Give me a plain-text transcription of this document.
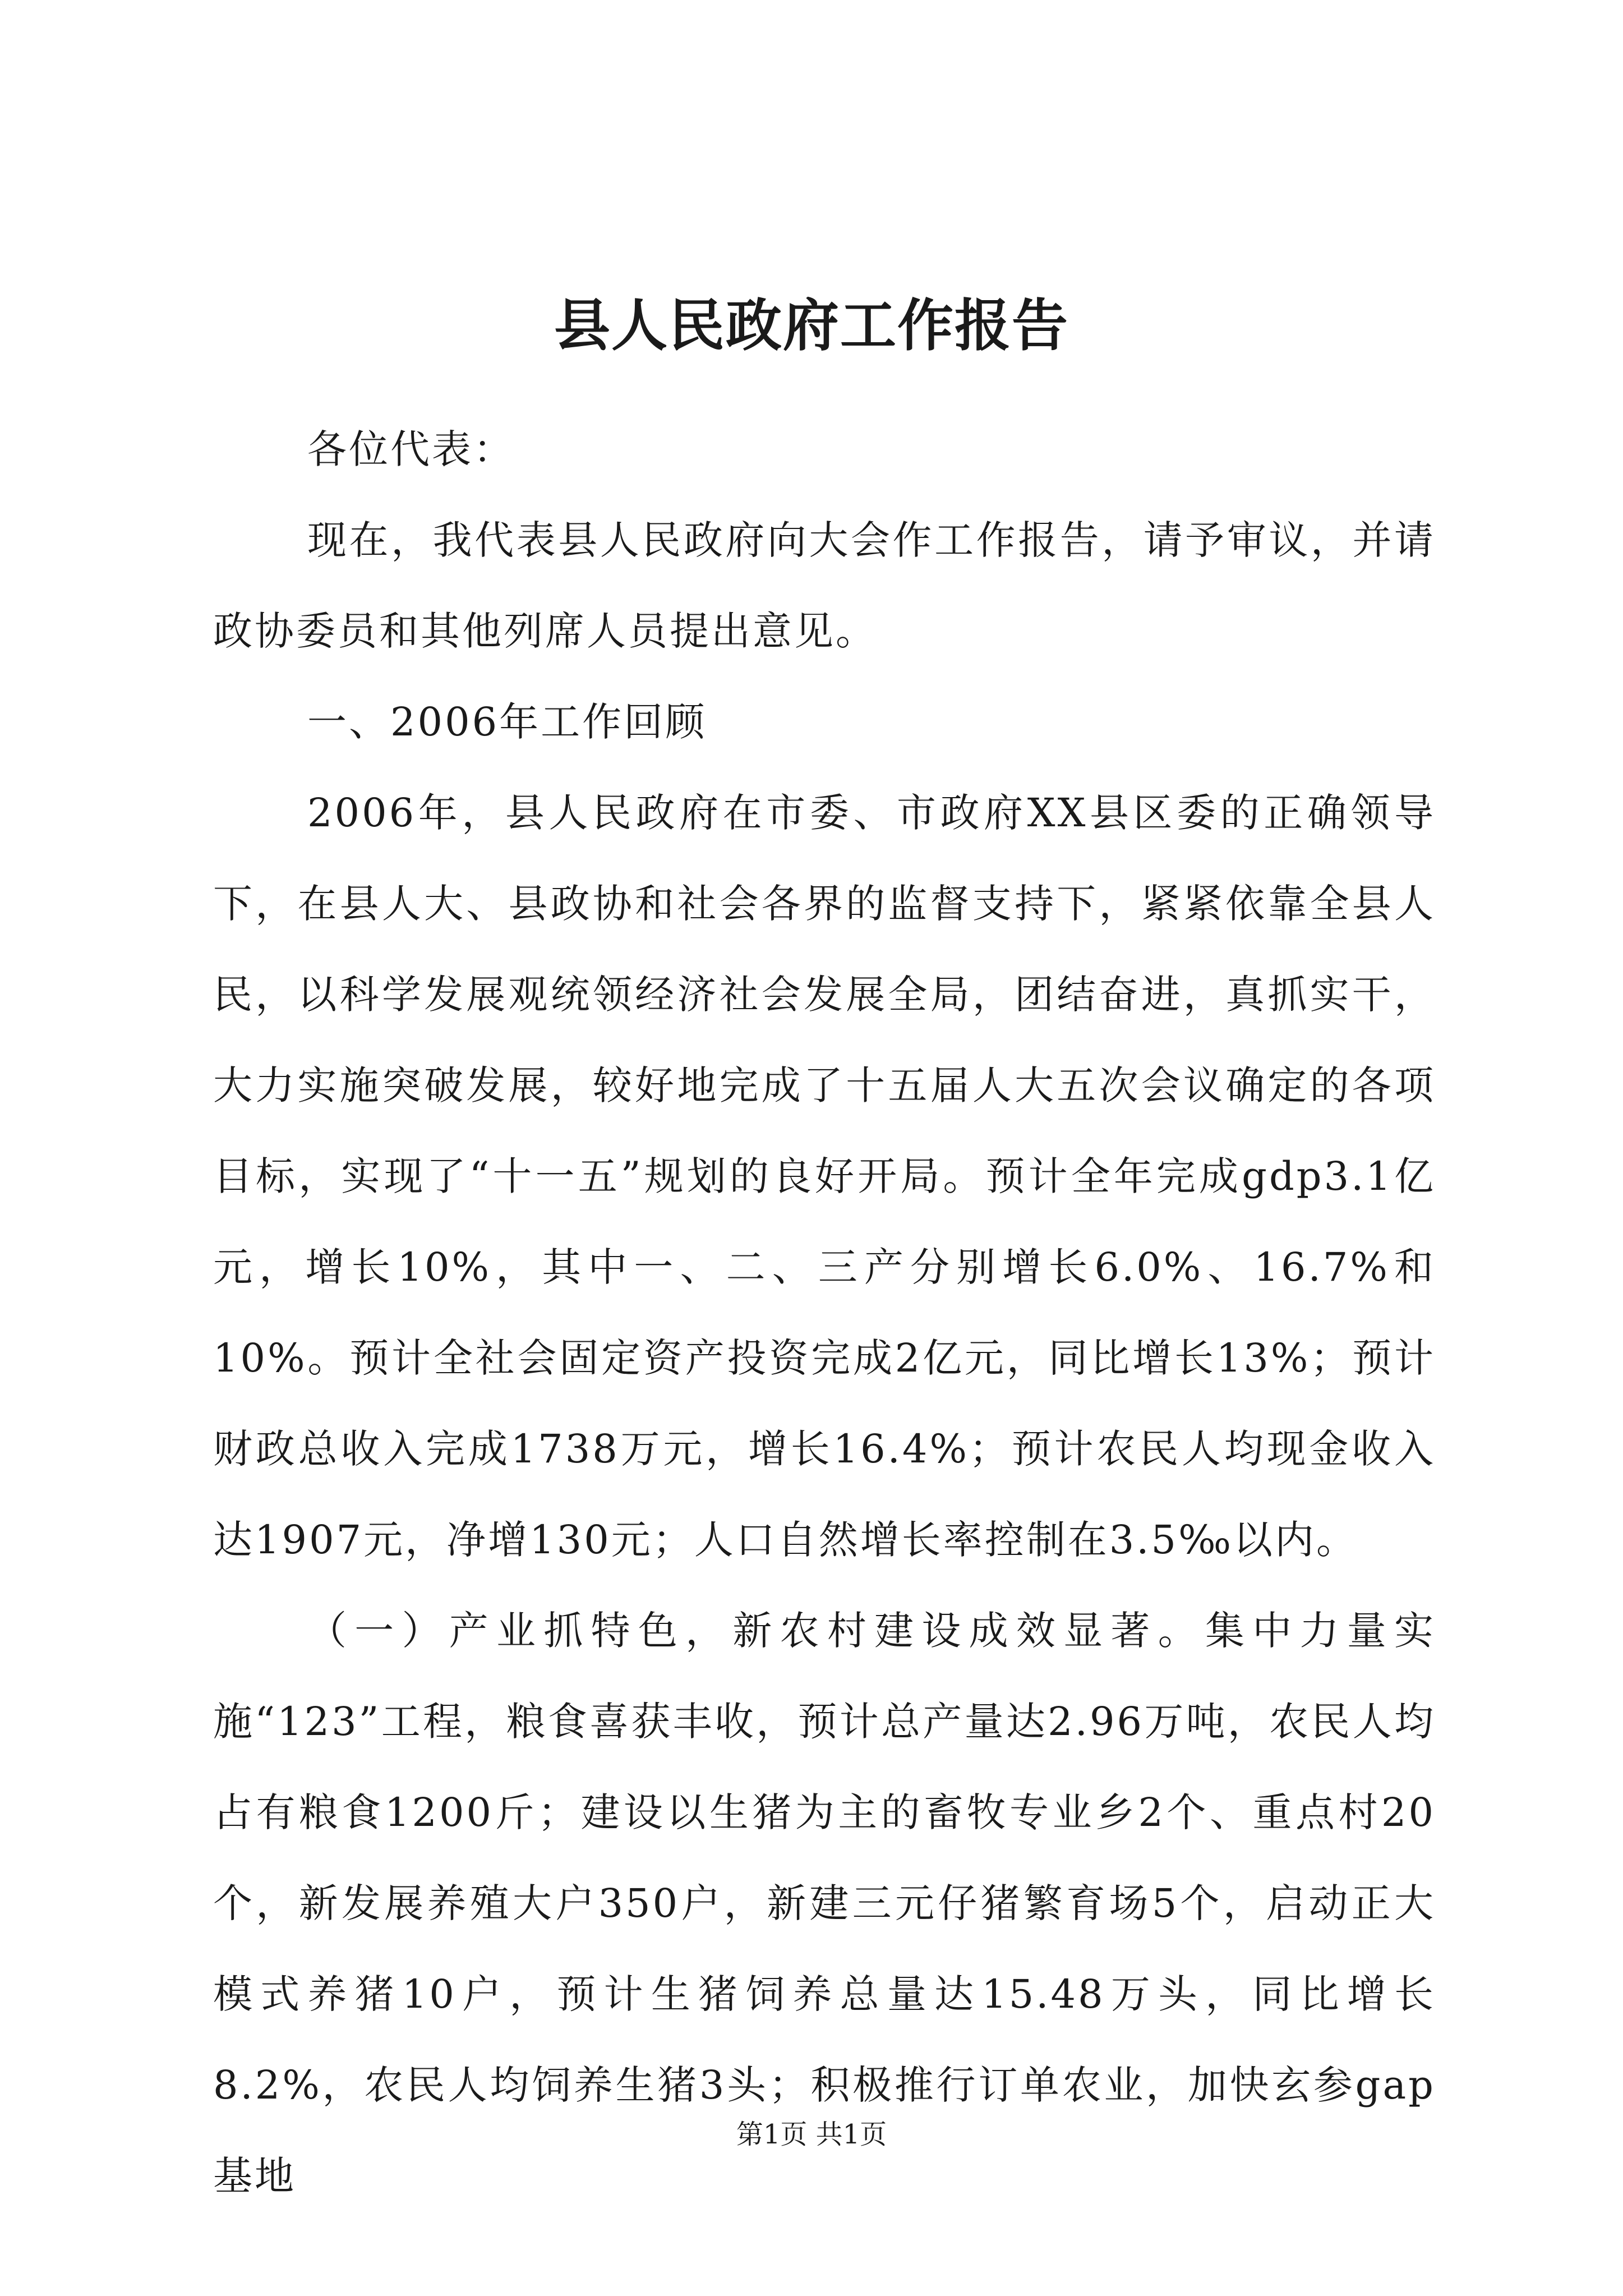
县人民政府工作报告

各位代表：

现在，我代表县人民政府向大会作工作报告，请予审议，并请政协委员和其他列席人员提出意见。

一、2006年工作回顾

2006年，县人民政府在市委、市政府XX县区委的正确领导下，在县人大、县政协和社会各界的监督支持下，紧紧依靠全县人民，以科学发展观统领经济社会发展全局，团结奋进，真抓实干，大力实施突破发展，较好地完成了十五届人大五次会议确定的各项目标，实现了“十一五”规划的良好开局。预计全年完成gdp3.1亿元，增长10%，其中一、二、三产分别增长6.0%、16.7%和10%。预计全社会固定资产投资完成2亿元，同比增长13%；预计财政总收入完成1738万元，增长16.4%；预计农民人均现金收入达1907元，净增130元；人口自然增长率控制在3.5‰以内。

（一）产业抓特色，新农村建设成效显著。集中力量实施“123”工程，粮食喜获丰收，预计总产量达2.96万吨，农民人均占有粮食1200斤；建设以生猪为主的畜牧专业乡2个、重点村20个，新发展养殖大户350户，新建三元仔猪繁育场5个，启动正大模式养猪10户，预计生猪饲养总量达15.48万头，同比增长8.2%，农民人均饲养生猪3头；积极推行订单农业，加快玄参gap基地

第1页 共1页
